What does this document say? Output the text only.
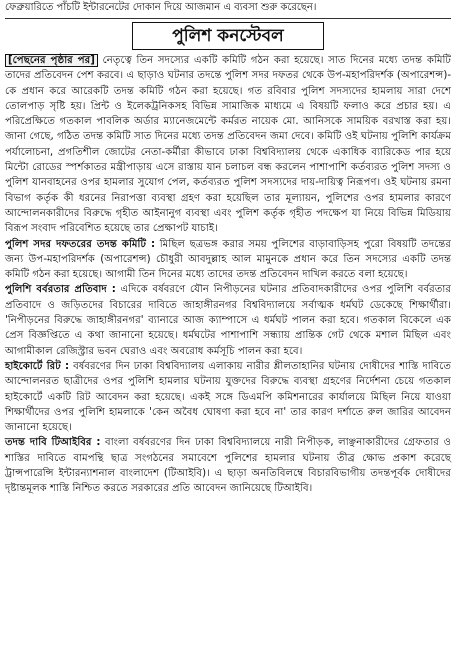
ফেব্রুয়ারিতে পাঁচটি ইন্টারনেটের দোকান দিয়ে আজমান এ ব্যবসা শুরু করেছেন।
পুলিশ কনস্টেবল

[পেছনের পৃষ্ঠার পর] নেতৃত্বে তিন সদস্যের একটি কমিটি গঠন করা হয়েছে। সাত দিনের মধ্যে তদন্ত কমিটি তাদের প্রতিবেদন পেশ করবে। এ ছাড়াও ঘটনার তদন্তে পুলিশ সদর দফতর থেকে উপ-মহাপরিদর্শক (অপারেশন্স)-কে প্রধান করে আরেকটি তদন্ত কমিটি গঠন করা হয়েছে। গত রবিবার পুলিশ সদস্যদের হামলায় সারা দেশে তোলপাড় সৃষ্টি হয়। প্রিন্ট ও ইলেকট্রনিকসহ বিভিন্ন সামাজিক মাধ্যমে এ বিষয়টি ফলাও করে প্রচার হয়। এ পরিপ্রেক্ষিতে গতকাল পাবলিক অর্ডার ম্যানেজমেন্টে কর্মরত নায়েক মো. আনিসকে সাময়িক বরখাস্ত করা হয়। জানা গেছে, গঠিত তদন্ত কমিটি সাত দিনের মধ্যে তদন্ত প্রতিবেদন জমা দেবে। কমিটি ওই ঘটনায় পুলিশি কার্যক্রম পর্যালোচনা, প্রগতিশীল জোটের নেতা-কর্মীরা কীভাবে ঢাকা বিশ্ববিদ্যালয় থেকে একাধিক ব্যারিকেড পার হয়ে মিন্টো রোডের স্পর্শকাতর মন্ত্রীপাড়ায় এসে রাস্তায় যান চলাচল বন্ধ করলেন পাশাপাশি কর্তব্যরত পুলিশ সদস্য ও পুলিশ যানবাহনের ওপর হামলার সুযোগ পেল, কর্তব্যরত পুলিশ সদস্যদের দায়-দায়িত্ব নিরূপণ। ওই ঘটনায় রমনা বিভাগ কর্তৃক কী ধরনের নিরাপত্তা ব্যবস্থা গ্রহণ করা হয়েছিল তার মূল্যায়ন, পুলিশের ওপর হামলার কারণে আন্দোলনকারীদের বিরুদ্ধে গৃহীত আইনানুগ ব্যবস্থা এবং পুলিশ কর্তৃক গৃহীত পদক্ষেপ যা নিয়ে বিভিন্ন মিডিয়ায় বিরূপ সংবাদ পরিবেশিত হয়েছে তার প্রেক্ষাপট যাচাই।

পুলিশ সদর দফতরের তদন্ত কমিটি : মিছিল ছত্রভঙ্গ করার সময় পুলিশের বাড়াবাড়িসহ পুরো বিষয়টি তদন্তের জন্য উপ-মহাপরিদর্শক (অপারেশন্স) চৌধুরী আবদুল্লাহ আল মামুনকে প্রধান করে তিন সদস্যের একটি তদন্ত কমিটি গঠন করা হয়েছে। আগামী তিন দিনের মধ্যে তাদের তদন্ত প্রতিবেদন দাখিল করতে বলা হয়েছে।

পুলিশি বর্বরতার প্রতিবাদ : এদিকে বর্ষবরণে যৌন নিপীড়নের ঘটনার প্রতিবাদকারীদের ওপর পুলিশি বর্বরতার প্রতিবাদে ও জড়িতদের বিচারের দাবিতে জাহাঙ্গীরনগর বিশ্ববিদ্যালয়ে সর্বাত্মক ধর্মঘট ডেকেছে শিক্ষার্থীরা। 'নিপীড়নের বিরুদ্ধে জাহাঙ্গীরনগর' ব্যানারে আজ ক্যাম্পাসে এ ধর্মঘট পালন করা হবে। গতকাল বিকেলে এক প্রেস বিজ্ঞপ্তিতে এ কথা জানানো হয়েছে। ধর্মঘটের পাশাপাশি সন্ধ্যায় প্রান্তিক গেট থেকে মশাল মিছিল এবং আগামীকাল রেজিস্ট্রার ভবন ঘেরাও এবং অবরোধ কর্মসূচি পালন করা হবে।

হাইকোর্টে রিট : বর্ষবরণের দিন ঢাকা বিশ্ববিদ্যালয় এলাকায় নারীর শ্লীলতাহানির ঘটনায় দোষীদের শাস্তি দাবিতে আন্দোলনরত ছাত্রীদের ওপর পুলিশি হামলার ঘটনায় যুক্তদের বিরুদ্ধে ব্যবস্থা গ্রহণের নির্দেশনা চেয়ে গতকাল হাইকোর্টে একটি রিট আবেদন করা হয়েছে। একই সঙ্গে ডিএমপি কমিশনারের কার্যালয়ে মিছিল নিয়ে যাওয়া শিক্ষার্থীদের ওপর পুলিশি হামলাকে 'কেন অবৈধ ঘোষণা করা হবে না' তার কারণ দর্শাতে রুল জারির আবেদন জানানো হয়েছে।

তদন্ত দাবি টিআইবির : বাংলা বর্ষবরণের দিন ঢাকা বিশ্ববিদ্যালয়ে নারী নিপীড়ক, লাঞ্ছনাকারীদের গ্রেফতার ও শাস্তির দাবিতে বামপন্থি ছাত্র সংগঠনের সমাবেশে পুলিশের হামলার ঘটনায় তীব্র ক্ষোভ প্রকাশ করেছে ট্রান্সপারেন্সি ইন্টারন্যাশনাল বাংলাদেশ (টিআইবি)। এ ছাড়া অনতিবিলম্বে বিচারবিভাগীয় তদন্তপূর্বক দোষীদের দৃষ্টান্তমূলক শাস্তি নিশ্চিত করতে সরকারের প্রতি আবেদন জানিয়েছে টিআইবি।
